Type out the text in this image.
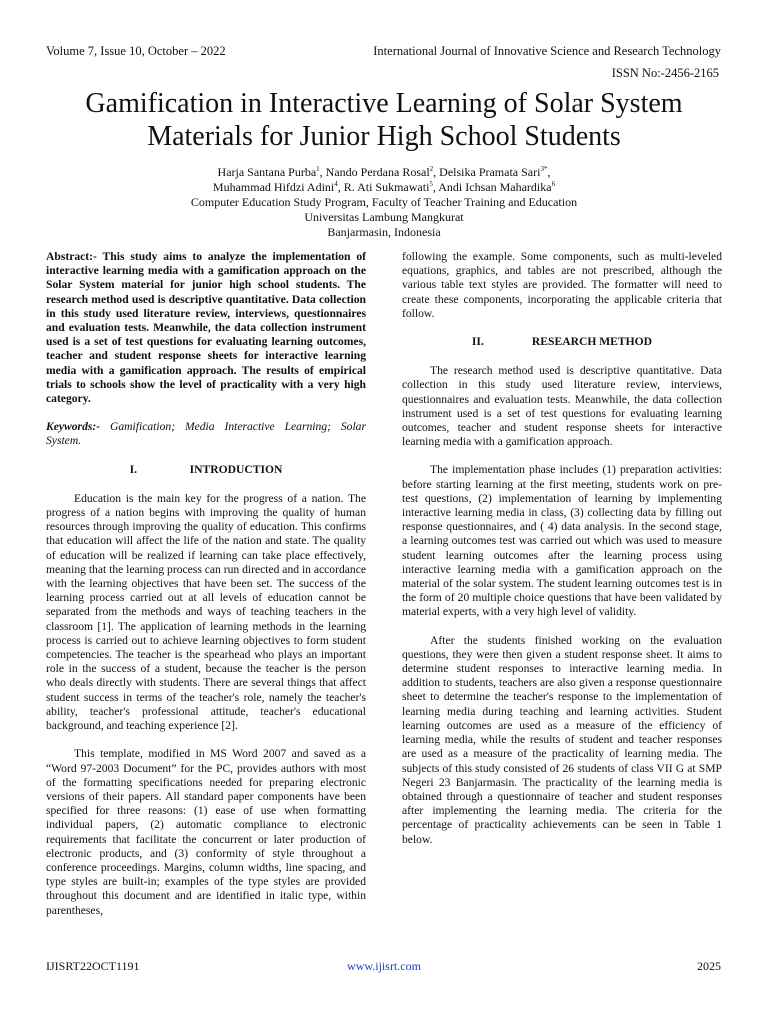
Volume 7, Issue 10, October – 2022	International Journal of Innovative Science and Research Technology
ISSN No:-2456-2165
Gamification in Interactive Learning of Solar System Materials for Junior High School Students
Harja Santana Purba$^1$, Nando Perdana Rosal$^2$, Delsika Pramata Sari$^{3*}$,
Muhammad Hifdzi Adini$^4$, R. Ati Sukmawati$^5$, Andi Ichsan Mahardika$^6$
Computer Education Study Program, Faculty of Teacher Training and Education
Universitas Lambung Mangkurat
Banjarmasin, Indonesia

Abstract:- This study aims to analyze the implementation of interactive learning media with a gamification approach on the Solar System material for junior high school students. The research method used is descriptive quantitative. Data collection in this study used literature review, interviews, questionnaires and evaluation tests. Meanwhile, the data collection instrument used is a set of test questions for evaluating learning outcomes, teacher and student response sheets for interactive learning media with a gamification approach. The results of empirical trials to schools show the level of practicality with a very high category.

Keywords:- Gamification; Media Interactive Learning; Solar System.

I.	INTRODUCTION

Education is the main key for the progress of a nation. The progress of a nation begins with improving the quality of human resources through improving the quality of education. This confirms that education will affect the life of the nation and state. The quality of education will be realized if learning can take place effectively, meaning that the learning process can run directed and in accordance with the learning objectives that have been set. The success of the learning process carried out at all levels of education cannot be separated from the methods and ways of teaching teachers in the classroom [1]. The application of learning methods in the learning process is carried out to achieve learning objectives to form student competencies. The teacher is the spearhead who plays an important role in the success of a student, because the teacher is the person who deals directly with students. There are several things that affect student success in terms of the teacher's role, namely the teacher's ability, teacher's professional attitude, teacher's educational background, and teaching experience [2].

This template, modified in MS Word 2007 and saved as a “Word 97-2003 Document” for the PC, provides authors with most of the formatting specifications needed for preparing electronic versions of their papers. All standard paper components have been specified for three reasons: (1) ease of use when formatting individual papers, (2) automatic compliance to electronic requirements that facilitate the concurrent or later production of electronic products, and (3) conformity of style throughout a conference proceedings. Margins, column widths, line spacing, and type styles are built-in; examples of the type styles are provided throughout this document and are identified in italic type, within parentheses,

following the example. Some components, such as multi-leveled equations, graphics, and tables are not prescribed, although the various table text styles are provided. The formatter will need to create these components, incorporating the applicable criteria that follow.

II.	RESEARCH METHOD

The research method used is descriptive quantitative. Data collection in this study used literature review, interviews, questionnaires and evaluation tests. Meanwhile, the data collection instrument used is a set of test questions for evaluating learning outcomes, teacher and student response sheets for interactive learning media with a gamification approach.

The implementation phase includes (1) preparation activities: before starting learning at the first meeting, students work on pre-test questions, (2) implementation of learning by implementing interactive learning media in class, (3) collecting data by filling out response questionnaires, and ( 4) data analysis. In the second stage, a learning outcomes test was carried out which was used to measure student learning outcomes after the learning process using interactive learning media with a gamification approach on the material of the solar system. The student learning outcomes test is in the form of 20 multiple choice questions that have been validated by material experts, with a very high level of validity.

After the students finished working on the evaluation questions, they were then given a student response sheet. It aims to determine student responses to interactive learning media. In addition to students, teachers are also given a response questionnaire sheet to determine the teacher's response to the implementation of learning media during teaching and learning activities. Student learning outcomes are used as a measure of the efficiency of learning media, while the results of student and teacher responses are used as a measure of the practicality of learning media. The subjects of this study consisted of 26 students of class VII G at SMP Negeri 23 Banjarmasin. The practicality of the learning media is obtained through a questionnaire of teacher and student responses after implementing the learning media. The criteria for the percentage of practicality achievements can be seen in Table 1 below.

IJISRT22OCT1191	www.ijisrt.com	2025
